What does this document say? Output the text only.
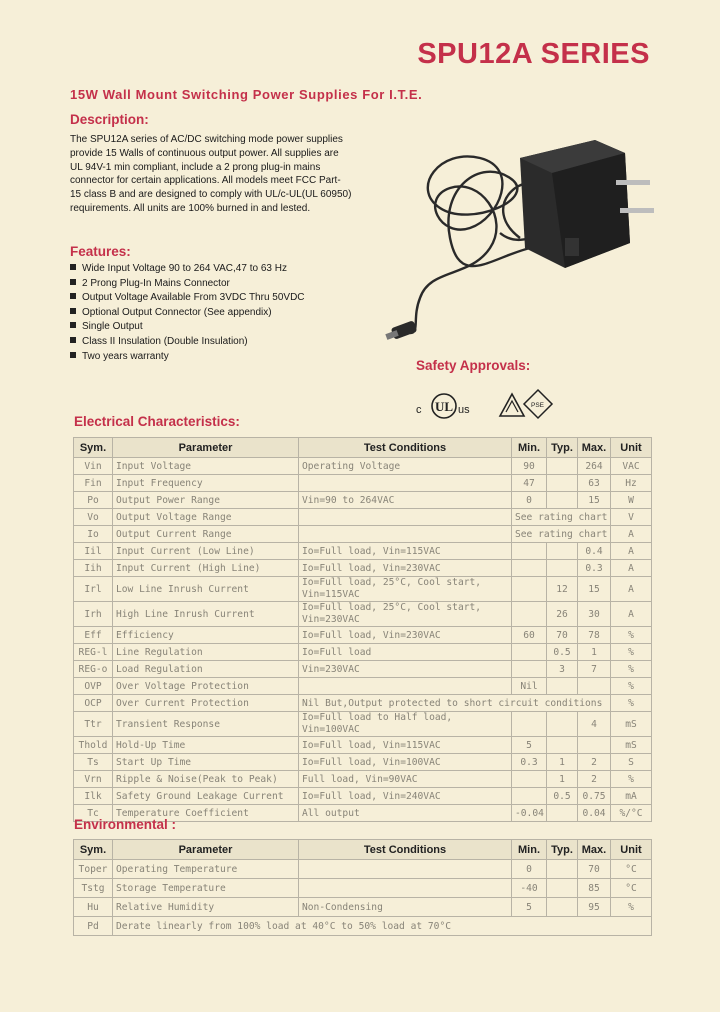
SPU12A SERIES
15W Wall Mount Switching Power Supplies For I.T.E.
Description:
The SPU12A series of AC/DC switching mode power supplies
provide 15 Walls of continuous output power. All supplies are
UL 94V-1 min compliant, include a 2 prong plug-in mains
connector for certain applications. All models meet FCC Part-
15 class B and are designed to comply with UL/c-UL(UL 60950)
requirements. All units are 100% burned in and lested.
Features:
Wide Input Voltage 90 to 264 VAC,47 to 63 Hz
2 Prong Plug-In Mains Connector
Output Voltage Available From 3VDC Thru 50VDC
Optional Output Connector (See appendix)
Single Output
Class II Insulation (Double Insulation)
Two years warranty
Safety Approvals:
c UL us	PSE
Electrical Characteristics:
Sym.	Parameter	Test Conditions	Min.	Typ.	Max.	Unit
Vin	Input Voltage	Operating Voltage	90		264	VAC
Fin	Input Frequency		47		63	Hz
Po	Output Power Range	Vin=90 to 264VAC	0		15	W
Vo	Output Voltage Range		See rating chart			V
Io	Output Current Range		See rating chart			A
Iil	Input Current (Low Line)	Io=Full load, Vin=115VAC			0.4	A
Iih	Input Current (High Line)	Io=Full load, Vin=230VAC			0.3	A
Irl	Low Line Inrush Current	Io=Full load, 25°C, Cool start, Vin=115VAC		12	15	A
Irh	High Line Inrush Current	Io=Full load, 25°C, Cool start, Vin=230VAC		26	30	A
Eff	Efficiency	Io=Full load, Vin=230VAC	60	70	78	%
REG-l	Line Regulation	Io=Full load		0.5	1	%
REG-o	Load Regulation	Vin=230VAC		3	7	%
OVP	Over Voltage Protection		Nil			%
OCP	Over Current Protection	Nil But,Output protected to short circuit conditions				%
Ttr	Transient Response	Io=Full load to Half load, Vin=100VAC			4	mS
Thold	Hold-Up Time	Io=Full load, Vin=115VAC	5			mS
Ts	Start Up Time	Io=Full load, Vin=100VAC	0.3	1	2	S
Vrn	Ripple & Noise(Peak to Peak)	Full load, Vin=90VAC		1	2	%
Ilk	Safety Ground Leakage Current	Io=Full load, Vin=240VAC		0.5	0.75	mA
Tc	Temperature Coefficient	All output	-0.04		0.04	%/°C
Environmental :
Sym.	Parameter	Test Conditions	Min.	Typ.	Max.	Unit
Toper	Operating Temperature		0		70	°C
Tstg	Storage Temperature		-40		85	°C
Hu	Relative Humidity	Non-Condensing	5		95	%
Pd	Derate linearly from 100% load at 40°C to 50% load at 70°C					
